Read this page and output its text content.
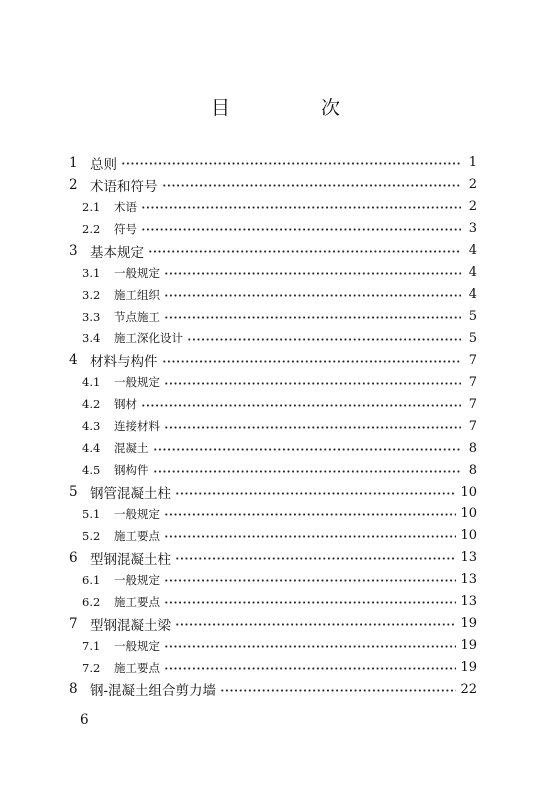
目　次
1 总则	1
2 术语和符号	2
2.1	术语	2
2.2	符号	3
3 基本规定	4
3.1	一般规定	4
3.2	施工组织	4
3.3	节点施工	5
3.4	施工深化设计	5
4 材料与构件	7
4.1	一般规定	7
4.2	钢材	7
4.3	连接材料	7
4.4	混凝土	8
4.5	钢构件	8
5 钢管混凝土柱	10
5.1	一般规定	10
5.2	施工要点	10
6 型钢混凝土柱	13
6.1	一般规定	13
6.2	施工要点	13
7 型钢混凝土梁	19
7.1	一般规定	19
7.2	施工要点	19
8 钢-混凝土组合剪力墙	22
6
